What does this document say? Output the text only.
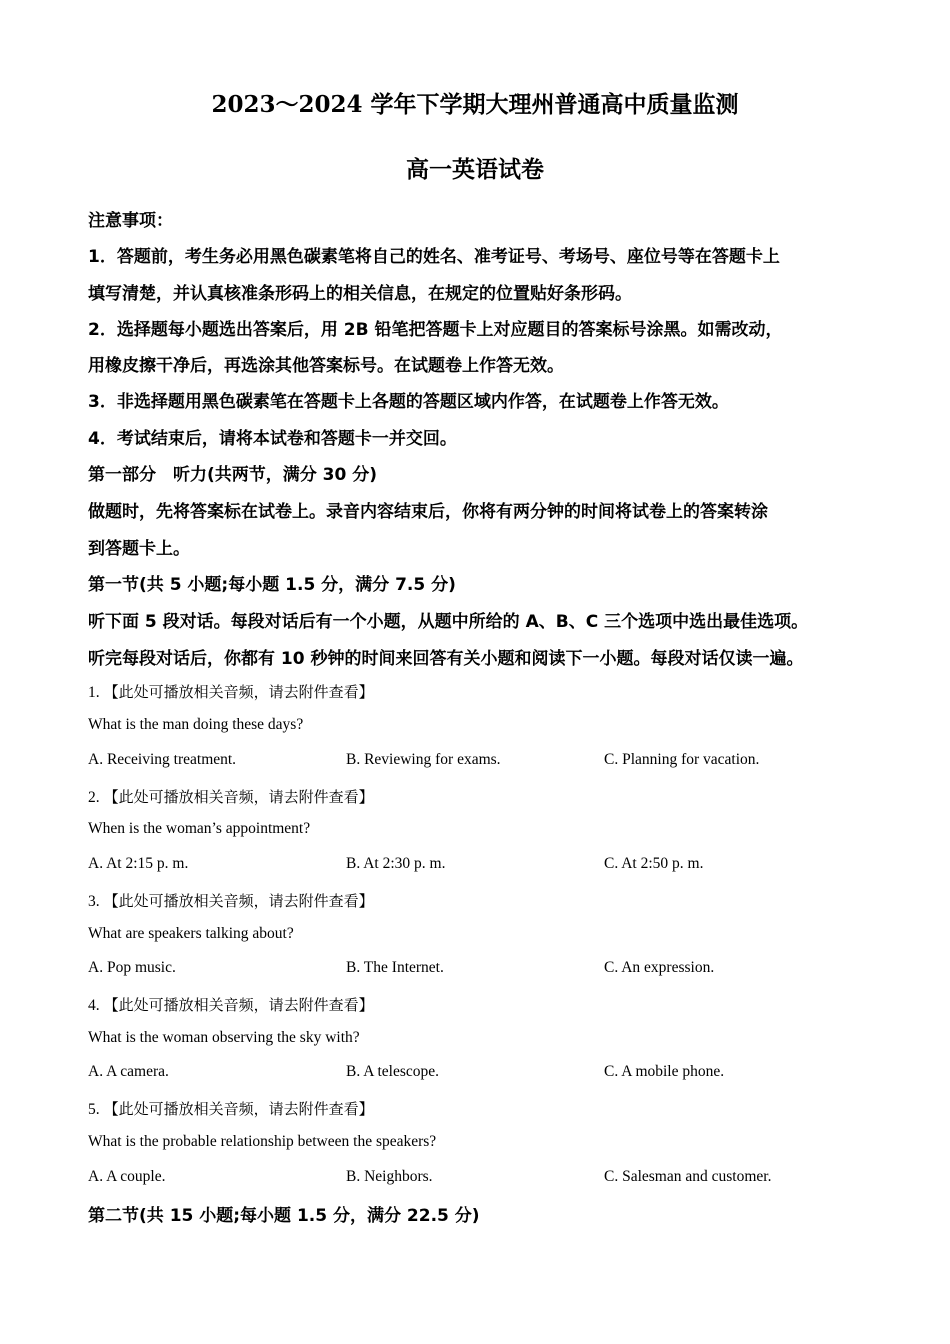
2023～2024 学年下学期大理州普通高中质量监测
高一英语试卷
注意事项：
1．答题前，考生务必用黑色碳素笔将自己的姓名、准考证号、考场号、座位号等在答题卡上
填写清楚，并认真核准条形码上的相关信息，在规定的位置贴好条形码。
2．选择题每小题选出答案后，用 2B 铅笔把答题卡上对应题目的答案标号涂黑。如需改动，
用橡皮擦干净后，再选涂其他答案标号。在试题卷上作答无效。
3．非选择题用黑色碳素笔在答题卡上各题的答题区域内作答，在试题卷上作答无效。
4．考试结束后，请将本试卷和答题卡一并交回。
第一部分　听力(共两节，满分 30 分)
做题时，先将答案标在试卷上。录音内容结束后，你将有两分钟的时间将试卷上的答案转涂
到答题卡上。
第一节(共 5 小题;每小题 1.5 分，满分 7.5 分)
听下面 5 段对话。每段对话后有一个小题，从题中所给的 A、B、C 三个选项中选出最佳选项。
听完每段对话后，你都有 10 秒钟的时间来回答有关小题和阅读下一小题。每段对话仅读一遍。
1. 【此处可播放相关音频，请去附件查看】
What is the man doing these days?
A. Receiving treatment.	B. Reviewing for exams.	C. Planning for vacation.
2. 【此处可播放相关音频，请去附件查看】
When is the woman’s appointment?
A. At 2:15 p. m.	B. At 2:30 p. m.	C. At 2:50 p. m.
3. 【此处可播放相关音频，请去附件查看】
What are speakers talking about?
A. Pop music.	B. The Internet.	C. An expression.
4. 【此处可播放相关音频，请去附件查看】
What is the woman observing the sky with?
A. A camera.	B. A telescope.	C. A mobile phone.
5. 【此处可播放相关音频，请去附件查看】
What is the probable relationship between the speakers?
A. A couple.	B. Neighbors.	C. Salesman and customer.
第二节(共 15 小题;每小题 1.5 分，满分 22.5 分)
